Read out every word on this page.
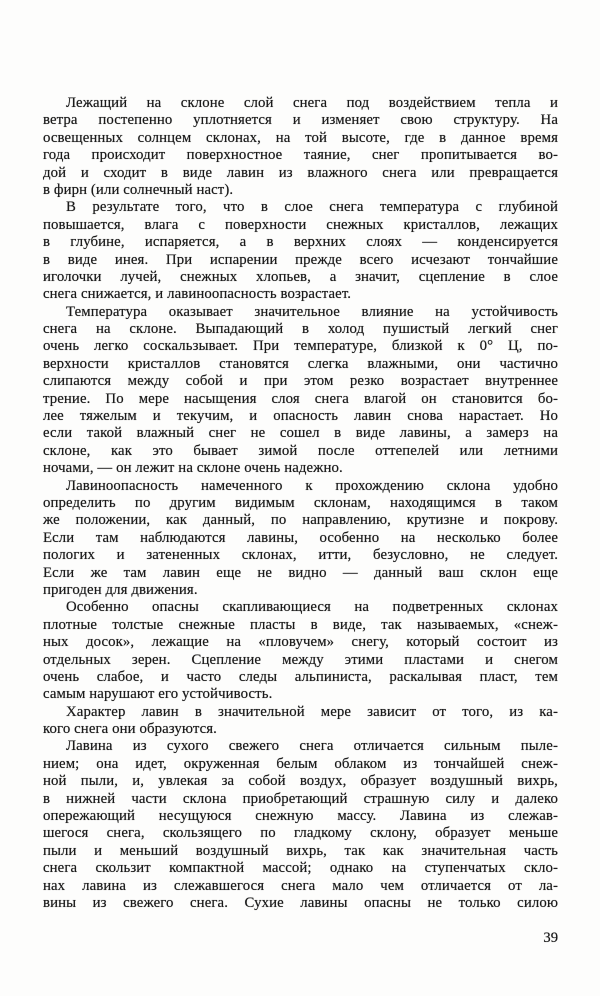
Лежащий на склоне слой снега под воздействием тепла и
ветра постепенно уплотняется и изменяет свою структуру. На
освещенных солнцем склонах, на той высоте, где в данное время
года происходит поверхностное таяние, снег пропитывается во-
дой и сходит в виде лавин из влажного снега или превращается
в фирн (или солнечный наст).
В результате того, что в слое снега температура с глубиной
повышается, влага с поверхности снежных кристаллов, лежащих
в глубине, испаряется, а в верхних слоях — конденсируется
в виде инея. При испарении прежде всего исчезают тончайшие
иголочки лучей, снежных хлопьев, а значит, сцепление в слое
снега снижается, и лавиноопасность возрастает.
Температура оказывает значительное влияние на устойчивость
снега на склоне. Выпадающий в холод пушистый легкий снег
очень легко соскальзывает. При температуре, близкой к 0° Ц, по-
верхности кристаллов становятся слегка влажными, они частично
слипаются между собой и при этом резко возрастает внутреннее
трение. По мере насыщения слоя снега влагой он становится бо-
лее тяжелым и текучим, и опасность лавин снова нарастает. Но
если такой влажный снег не сошел в виде лавины, а замерз на
склоне, как это бывает зимой после оттепелей или летними
ночами, — он лежит на склоне очень надежно.
Лавиноопасность намеченного к прохождению склона удобно
определить по другим видимым склонам, находящимся в таком
же положении, как данный, по направлению, крутизне и покрову.
Если там наблюдаются лавины, особенно на несколько более
пологих и затененных склонах, итти, безусловно, не следует.
Если же там лавин еще не видно — данный ваш склон еще
пригоден для движения.
Особенно опасны скапливающиеся на подветренных склонах
плотные толстые снежные пласты в виде, так называемых, «снеж-
ных досок», лежащие на «пловучем» снегу, который состоит из
отдельных зерен. Сцепление между этими пластами и снегом
очень слабое, и часто следы альпиниста, раскалывая пласт, тем
самым нарушают его устойчивость.
Характер лавин в значительной мере зависит от того, из ка-
кого снега они образуются.
Лавина из сухого свежего снега отличается сильным пыле-
нием; она идет, окруженная белым облаком из тончайшей снеж-
ной пыли, и, увлекая за собой воздух, образует воздушный вихрь,
в нижней части склона приобретающий страшную силу и далеко
опережающий несущуюся снежную массу. Лавина из слежав-
шегося снега, скользящего по гладкому склону, образует меньше
пыли и меньший воздушный вихрь, так как значительная часть
снега скользит компактной массой; однако на ступенчатых скло-
нах лавина из слежавшегося снега мало чем отличается от ла-
вины из свежего снега. Сухие лавины опасны не только силою
39
